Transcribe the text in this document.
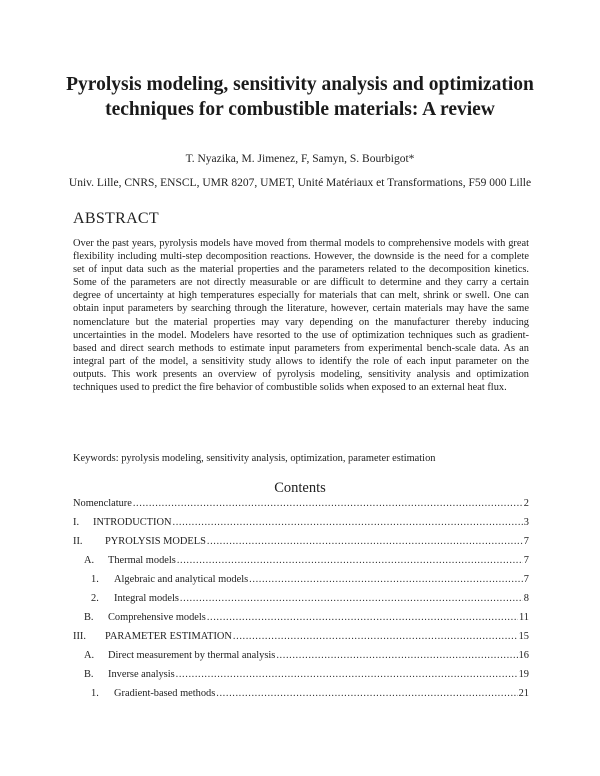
Pyrolysis modeling, sensitivity analysis and optimization techniques for combustible materials: A review
T. Nyazika, M. Jimenez, F, Samyn, S. Bourbigot*
Univ. Lille, CNRS, ENSCL, UMR 8207, UMET, Unité Matériaux et Transformations, F59 000 Lille
ABSTRACT
Over the past years, pyrolysis models have moved from thermal models to comprehensive models with great flexibility including multi-step decomposition reactions. However, the downside is the need for a complete set of input data such as the material properties and the parameters related to the decomposition kinetics. Some of the parameters are not directly measurable or are difficult to determine and they carry a certain degree of uncertainty at high temperatures especially for materials that can melt, shrink or swell. One can obtain input parameters by searching through the literature, however, certain materials may have the same nomenclature but the material properties may vary depending on the manufacturer thereby inducing uncertainties in the model. Modelers have resorted to the use of optimization techniques such as gradient-based and direct search methods to estimate input parameters from experimental bench-scale data. As an integral part of the model, a sensitivity study allows to identify the role of each input parameter on the outputs. This work presents an overview of pyrolysis modeling, sensitivity analysis and optimization techniques used to predict the fire behavior of combustible solids when exposed to an external heat flux.
Keywords: pyrolysis modeling, sensitivity analysis, optimization, parameter estimation
Contents
Nomenclature .....	2
I.	INTRODUCTION .....	3
II.	PYROLYSIS MODELS .....	7
A.	Thermal models .....	7
1.	Algebraic and analytical models .....	7
2.	Integral models .....	8
B.	Comprehensive models .....	11
III.	PARAMETER ESTIMATION .....	15
A.	Direct measurement by thermal analysis .....	16
B.	Inverse analysis .....	19
1.	Gradient-based methods .....	21
